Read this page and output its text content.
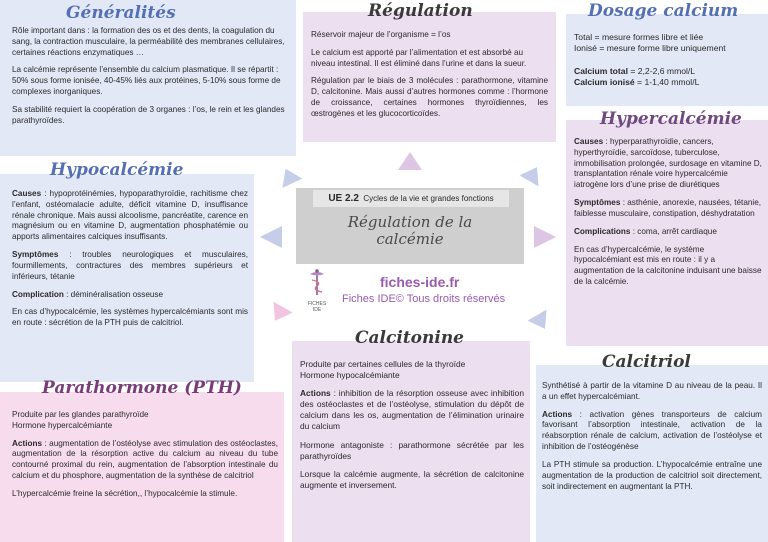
Rôle important dans : la formation des os et des dents, la coagulation du sang, la contraction musculaire, la perméabilité des membranes cellulaires, certaines réactions enzymatiques …

La calcémie représente l’ensemble du calcium plasmatique. Il se répartit : 50% sous forme ionisée, 40-45% liés aux protéines, 5-10% sous forme de complexes inorganiques.

Sa stabilité requiert la coopération de 3 organes : l’os, le rein et les glandes parathyroïdes.

Généralités

Réservoir majeur de l’organisme = l’os

Le calcium est apporté par l’alimentation et est absorbé au niveau intestinal. Il est éliminé dans l’urine et dans la sueur.

Régulation par le biais de 3 molécules : parathormone, vitamine D, calcitonine. Mais aussi d’autres hormones comme : l’hormone de croissance, certaines hormones thyroïdiennes, les œstrogènes et les glucocorticoïdes.

Régulation
Total = mesure formes libre et liée
Ionisé = mesure forme libre uniquement
Calcium total = 2,2-2,6 mmol/L
Calcium ionisé = 1-1,40 mmol/L
Dosage calcium

Causes : hyperparathyroïdie, cancers, hyperthyroïdie, sarcoïdose, tuberculose, immobilisation prolongée, surdosage en vitamine D, transplantation rénale voire hypercalcémie iatrogène lors d’une prise de diurétiques

Symptômes : asthénie, anorexie, nausées, tétanie, faiblesse musculaire, constipation, déshydratation

Complications : coma, arrêt cardiaque

En cas d’hypercalcémie, le système hypocalcémiant est mis en route : il y a augmentation de la calcitonine induisant une baisse de la calcémie.

Hypercalcémie

Causes : hypoprotéinémies, hypoparathyroïdie, rachitisme chez l’enfant, ostéomalacie adulte, déficit vitamine D, insuffisance rénale chronique. Mais aussi alcoolisme, pancréatite, carence en magnésium ou en vitamine D, augmentation phosphatémie ou apports alimentaires calciques insuffisants.

Symptômes : troubles neurologiques et musculaires, fourmillements, contractures des membres supérieurs et inférieurs, tétanie

Complication : déminéralisation osseuse

En cas d’hypocalcémie, les systèmes hypercalcémiants sont mis en route : sécrétion de la PTH puis de calcitriol.

Hypocalcémie
UE 2.2 Cycles de la vie et grandes fonctions
Régulation de la
calcémie
FICHES
IDE
fiches-ide.fr
Fiches IDE© Tous droits réservés
Produite par les glandes parathyroïde
Hormone hypercalcémiante

Actions : augmentation de l’ostéolyse avec stimulation des ostéoclastes, augmentation de la résorption active du calcium au niveau du tube contourné proximal du rein, augmentation de l’absorption intestinale du calcium et du phosphore, augmentation de la synthèse de calcitriol

L’hypercalcémie freine la sécrétion,, l’hypocalcémie la stimule.

Parathormone (PTH)
Produite par certaines cellules de la thyroïde
Hormone hypocalcémiante

Actions : inhibition de la résorption osseuse avec inhibition des ostéoclastes et de l’ostéolyse, stimulation du dépôt de calcium dans les os, augmentation de l’élimination urinaire du calcium

Hormone antagoniste : parathormone sécrétée par les parathyroïdes

Lorsque la calcémie augmente, la sécrétion de calcitonine augmente et inversement.

Calcitonine

Synthétisé à partir de la vitamine D au niveau de la peau. Il a un effet hypercalcémiant.

Actions : activation gènes transporteurs de calcium favorisant l’absorption intestinale, activation de la réabsorption rénale de calcium, activation de l’ostéolyse et inhibition de l’ostéogénèse

La PTH stimule sa production. L’hypocalcémie entraîne une augmentation de la production de calcitriol soit directement, soit indirectement en augmentant la PTH.

Calcitriol
